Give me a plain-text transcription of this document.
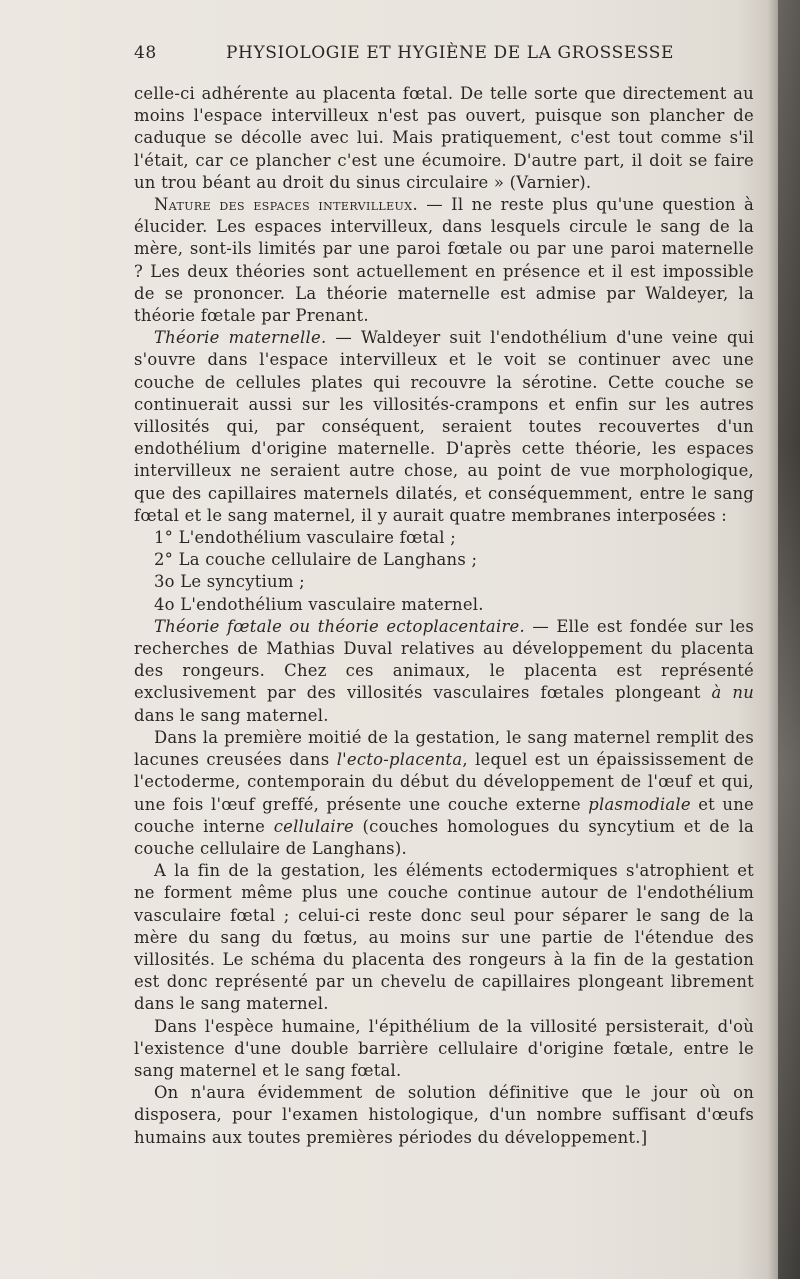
48	PHYSIOLOGIE ET HYGIÈNE DE LA GROSSESSE

celle-ci adhérente au placenta fœtal. De telle sorte que directement au moins l'espace intervilleux n'est pas ouvert, puisque son plancher de caduque se décolle avec lui. Mais pratiquement, c'est tout comme s'il l'était, car ce plancher c'est une écumoire. D'autre part, il doit se faire un trou béant au droit du sinus circulaire » (Varnier).

Nature des espaces intervilleux. — Il ne reste plus qu'une question à élucider. Les espaces intervilleux, dans lesquels circule le sang de la mère, sont-ils limités par une paroi fœtale ou par une paroi maternelle ? Les deux théories sont actuellement en présence et il est impossible de se prononcer. La théorie maternelle est admise par Waldeyer, la théorie fœtale par Prenant.

Théorie maternelle. — Waldeyer suit l'endothélium d'une veine qui s'ouvre dans l'espace intervilleux et le voit se continuer avec une couche de cellules plates qui recouvre la sérotine. Cette couche se continuerait aussi sur les villosités-crampons et enfin sur les autres villosités qui, par conséquent, seraient toutes recouvertes d'un endothélium d'origine maternelle. D'après cette théorie, les espaces intervilleux ne seraient autre chose, au point de vue morphologique, que des capillaires maternels dilatés, et conséquemment, entre le sang fœtal et le sang maternel, il y aurait quatre membranes interposées :

1° L'endothélium vasculaire fœtal ;

2° La couche cellulaire de Langhans ;

3o Le syncytium ;

4o L'endothélium vasculaire maternel.

Théorie fœtale ou théorie ectoplacentaire. — Elle est fondée sur les recherches de Mathias Duval relatives au développement du placenta des rongeurs. Chez ces animaux, le placenta est représenté exclusivement par des villosités vasculaires fœtales plongeant à nu dans le sang maternel.

Dans la première moitié de la gestation, le sang maternel remplit des lacunes creusées dans l'ecto-placenta, lequel est un épaississement de l'ectoderme, contemporain du début du développement de l'œuf et qui, une fois l'œuf greffé, présente une couche externe plasmodiale et une couche interne cellulaire (couches homologues du syncytium et de la couche cellulaire de Langhans).

A la fin de la gestation, les éléments ectodermiques s'atrophient et ne forment même plus une couche continue autour de l'endothélium vasculaire fœtal ; celui-ci reste donc seul pour séparer le sang de la mère du sang du fœtus, au moins sur une partie de l'étendue des villosités. Le schéma du placenta des rongeurs à la fin de la gestation est donc représenté par un chevelu de capillaires plongeant librement dans le sang maternel.

Dans l'espèce humaine, l'épithélium de la villosité persisterait, d'où l'existence d'une double barrière cellulaire d'origine fœtale, entre le sang maternel et le sang fœtal.

On n'aura évidemment de solution définitive que le jour où on disposera, pour l'examen histologique, d'un nombre suffisant d'œufs humains aux toutes premières périodes du développement.]
